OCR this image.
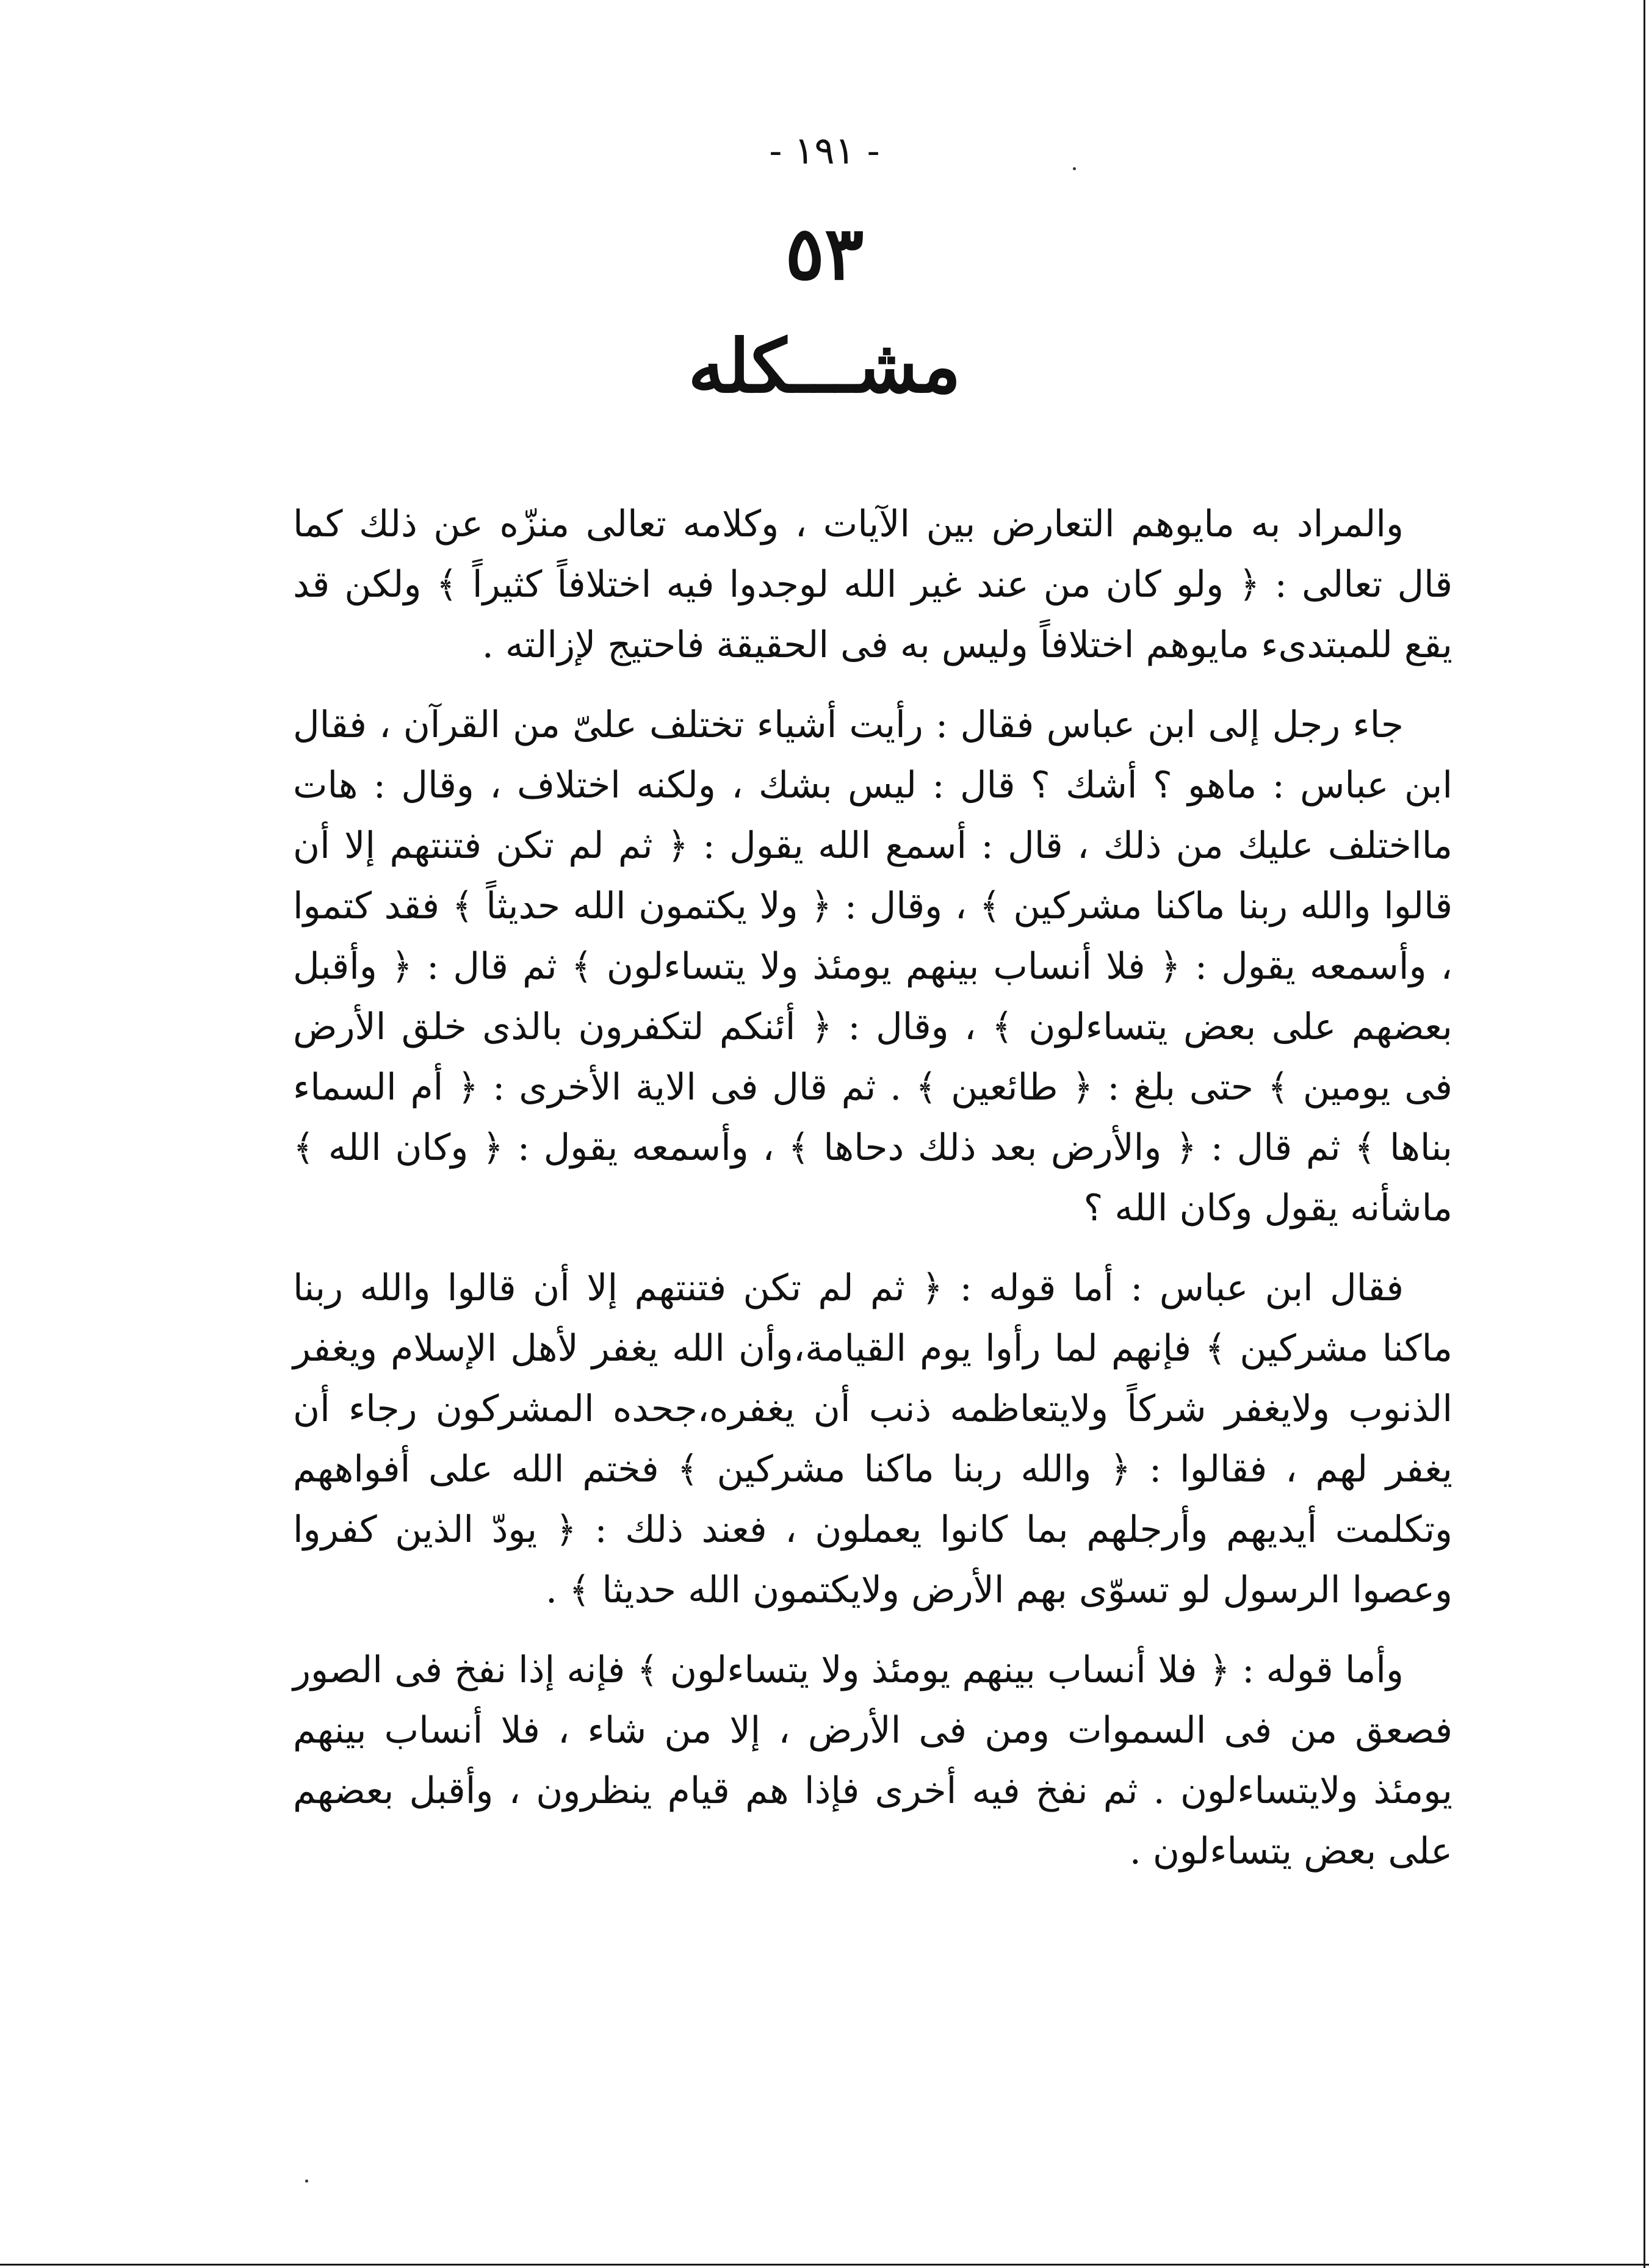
- ١٩١ -
٥٣
مشـــكله

والمراد به مايوهم التعارض بين الآيات ، وكلامه تعالى منزّه عن ذلك كما قال تعالى : ﴿ ولو كان من عند غير الله لوجدوا فيه اختلافاً كثيراً ﴾ ولكن قد يقع للمبتدىء مايوهم اختلافاً وليس به فى الحقيقة فاحتيج لإزالته .

جاء رجل إلى ابن عباس فقال : رأيت أشياء تختلف علىّ من القرآن ، فقال ابن عباس : ماهو ؟ أشك ؟ قال : ليس بشك ، ولكنه اختلاف ، وقال : هات مااختلف عليك من ذلك ، قال : أسمع الله يقول : ﴿ ثم لم تكن فتنتهم إلا أن قالوا والله ربنا ماكنا مشركين ﴾ ، وقال : ﴿ ولا يكتمون الله حديثاً ﴾ فقد كتموا ، وأسمعه يقول : ﴿ فلا أنساب بينهم يومئذ ولا يتساءلون ﴾ ثم قال : ﴿ وأقبل بعضهم على بعض يتساءلون ﴾ ، وقال : ﴿ أئنكم لتكفرون بالذى خلق الأرض فى يومين ﴾ حتى بلغ : ﴿ طائعين ﴾ . ثم قال فى الاية الأخرى : ﴿ أم السماء بناها ﴾ ثم قال : ﴿ والأرض بعد ذلك دحاها ﴾ ، وأسمعه يقول : ﴿ وكان الله ﴾ ماشأنه يقول وكان الله ؟

فقال ابن عباس : أما قوله : ﴿ ثم لم تكن فتنتهم إلا أن قالوا والله ربنا ماكنا مشركين ﴾ فإنهم لما رأوا يوم القيامة،وأن الله يغفر لأهل الإسلام ويغفر الذنوب ولايغفر شركاً ولايتعاظمه ذنب أن يغفره،جحده المشركون رجاء أن يغفر لهم ، فقالوا : ﴿ والله ربنا ماكنا مشركين ﴾ فختم الله على أفواههم وتكلمت أيديهم وأرجلهم بما كانوا يعملون ، فعند ذلك : ﴿ يودّ الذين كفروا وعصوا الرسول لو تسوّى بهم الأرض ولايكتمون الله حديثا ﴾ .

وأما قوله : ﴿ فلا أنساب بينهم يومئذ ولا يتساءلون ﴾ فإنه إذا نفخ فى الصور فصعق من فى السموات ومن فى الأرض ، إلا من شاء ، فلا أنساب بينهم يومئذ ولايتساءلون . ثم نفخ فيه أخرى فإذا هم قيام ينظرون ، وأقبل بعضهم على بعض يتساءلون .
